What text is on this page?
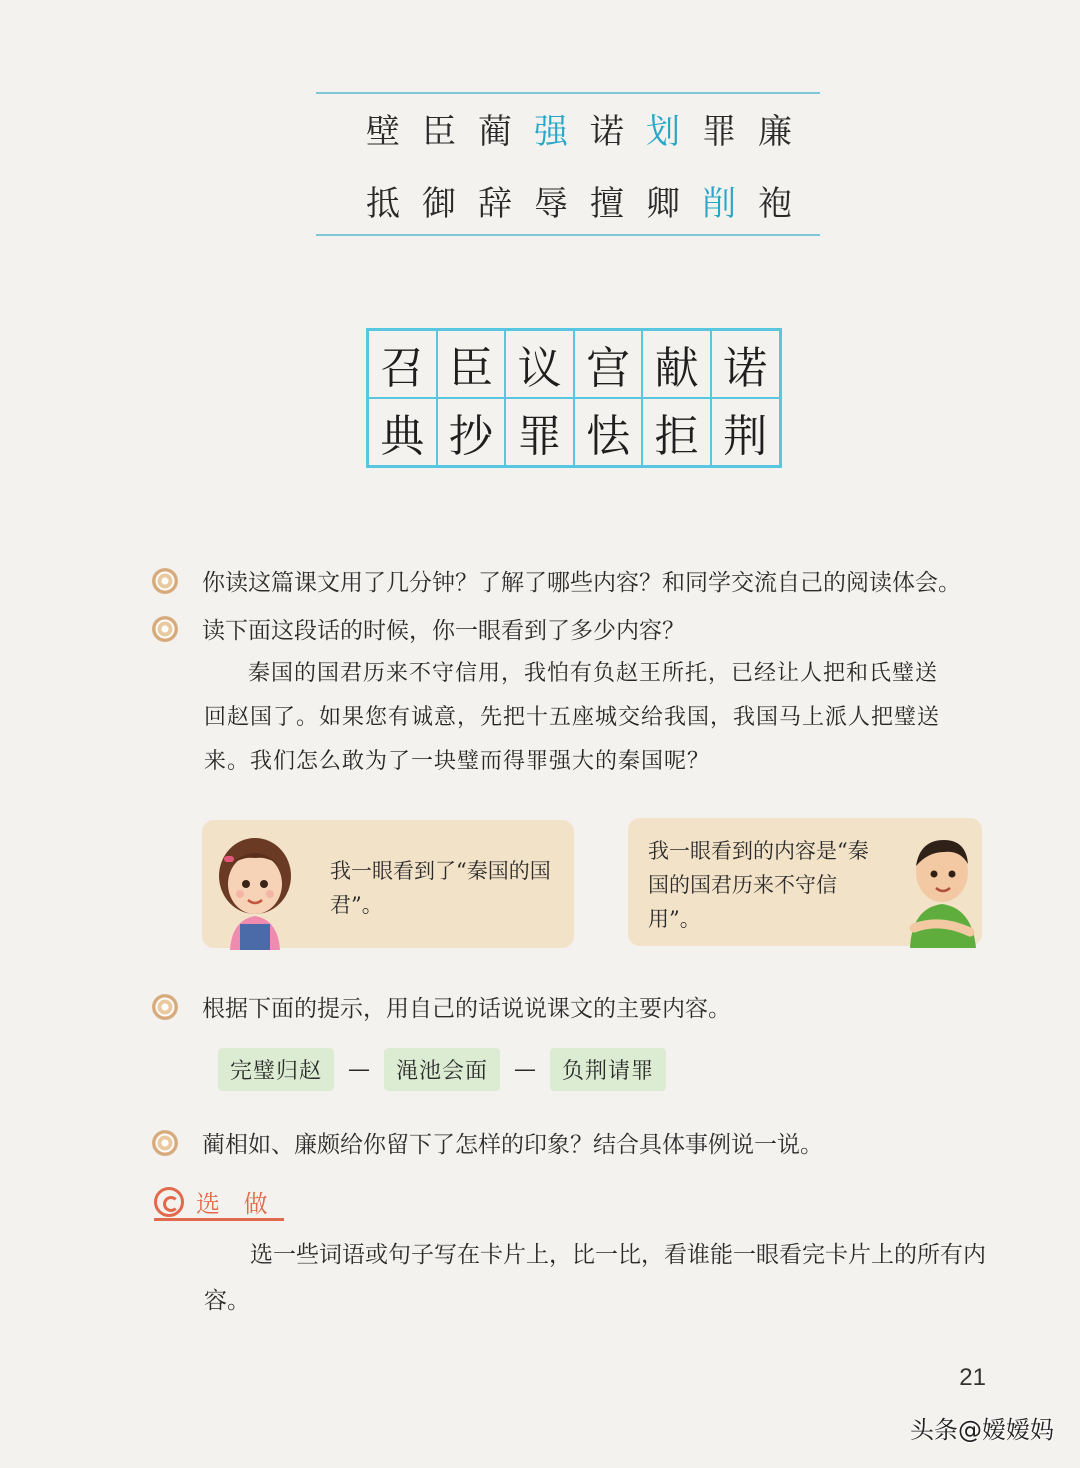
壁 臣 蔺 强 诺 划 罪 廉
抵 御 辞 辱 擅 卿 削 袍
召 臣 议 宫 献 诺
典 抄 罪 怯 拒 荆
你读这篇课文用了几分钟？了解了哪些内容？和同学交流自己的阅读体会。
读下面这段话的时候，你一眼看到了多少内容？
秦国的国君历来不守信用，我怕有负赵王所托，已经让人把和氏璧送
回赵国了。如果您有诚意，先把十五座城交给我国，我国马上派人把璧送
来。我们怎么敢为了一块璧而得罪强大的秦国呢？
我一眼看到了“秦国的国君”。
我一眼看到的内容是“秦国的国君历来不守信用”。
根据下面的提示，用自己的话说说课文的主要内容。
完璧归赵	—	渑池会面	—	负荆请罪
蔺相如、廉颇给你留下了怎样的印象？结合具体事例说一说。
选 做
选一些词语或句子写在卡片上，比一比，看谁能一眼看完卡片上的所有内容。
21
头条@嫒嫒妈
